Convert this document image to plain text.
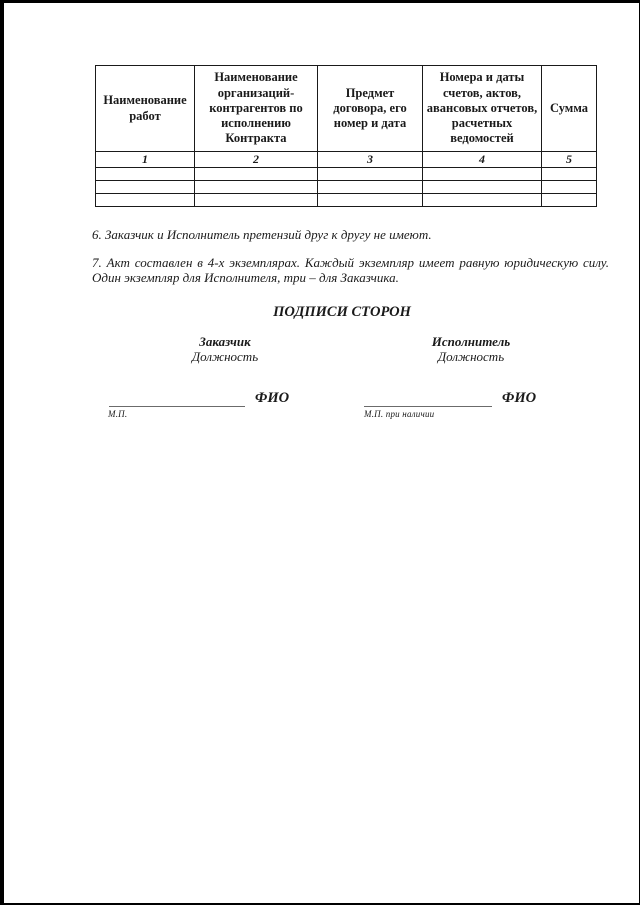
Наименование работ	Наименование организаций-контрагентов по исполнению Контракта	Предмет договора, его номер и дата	Номера и даты счетов, актов, авансовых отчетов, расчетных ведомостей	Сумма
1	2	3	4	5

6. Заказчик и Исполнитель претензий друг к другу не имеют.

7. Акт составлен в 4-х экземплярах. Каждый экземпляр имеет равную юридическую силу. Один экземпляр для Исполнителя, три – для Заказчика.

ПОДПИСИ СТОРОН
Заказчик
Должность
Исполнитель
Должность
ФИО	ФИО
М.П.	М.П. при наличии
